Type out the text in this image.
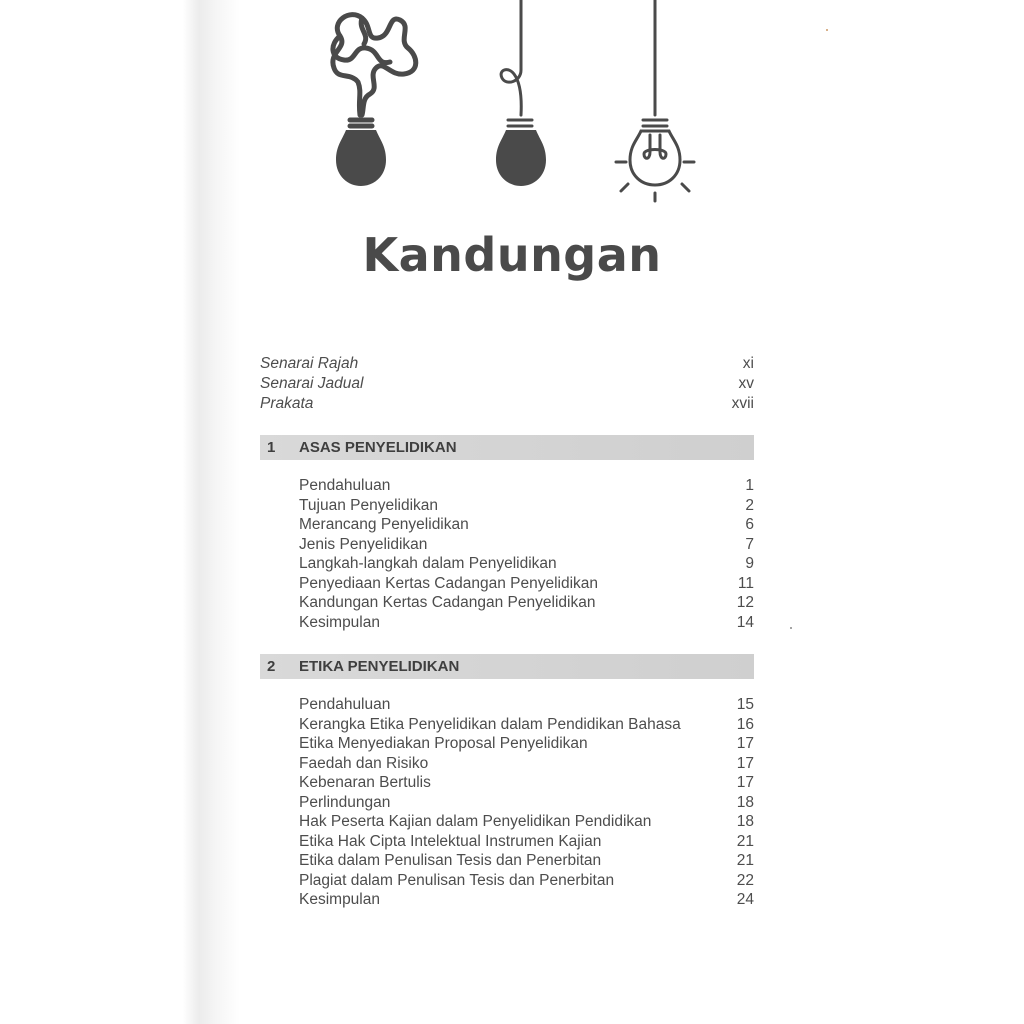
Kandungan
Senarai Rajah	xi
Senarai Jadual	xv
Prakata	xvii
1	ASAS PENYELIDIKAN
Pendahuluan	1
Tujuan Penyelidikan	2
Merancang Penyelidikan	6
Jenis Penyelidikan	7
Langkah-langkah dalam Penyelidikan	9
Penyediaan Kertas Cadangan Penyelidikan	11
Kandungan Kertas Cadangan Penyelidikan	12
Kesimpulan	14
2	ETIKA PENYELIDIKAN
Pendahuluan	15
Kerangka Etika Penyelidikan dalam Pendidikan Bahasa	16
Etika Menyediakan Proposal Penyelidikan	17
Faedah dan Risiko	17
Kebenaran Bertulis	17
Perlindungan	18
Hak Peserta Kajian dalam Penyelidikan Pendidikan	18
Etika Hak Cipta Intelektual Instrumen Kajian	21
Etika dalam Penulisan Tesis dan Penerbitan	21
Plagiat dalam Penulisan Tesis dan Penerbitan	22
Kesimpulan	24
